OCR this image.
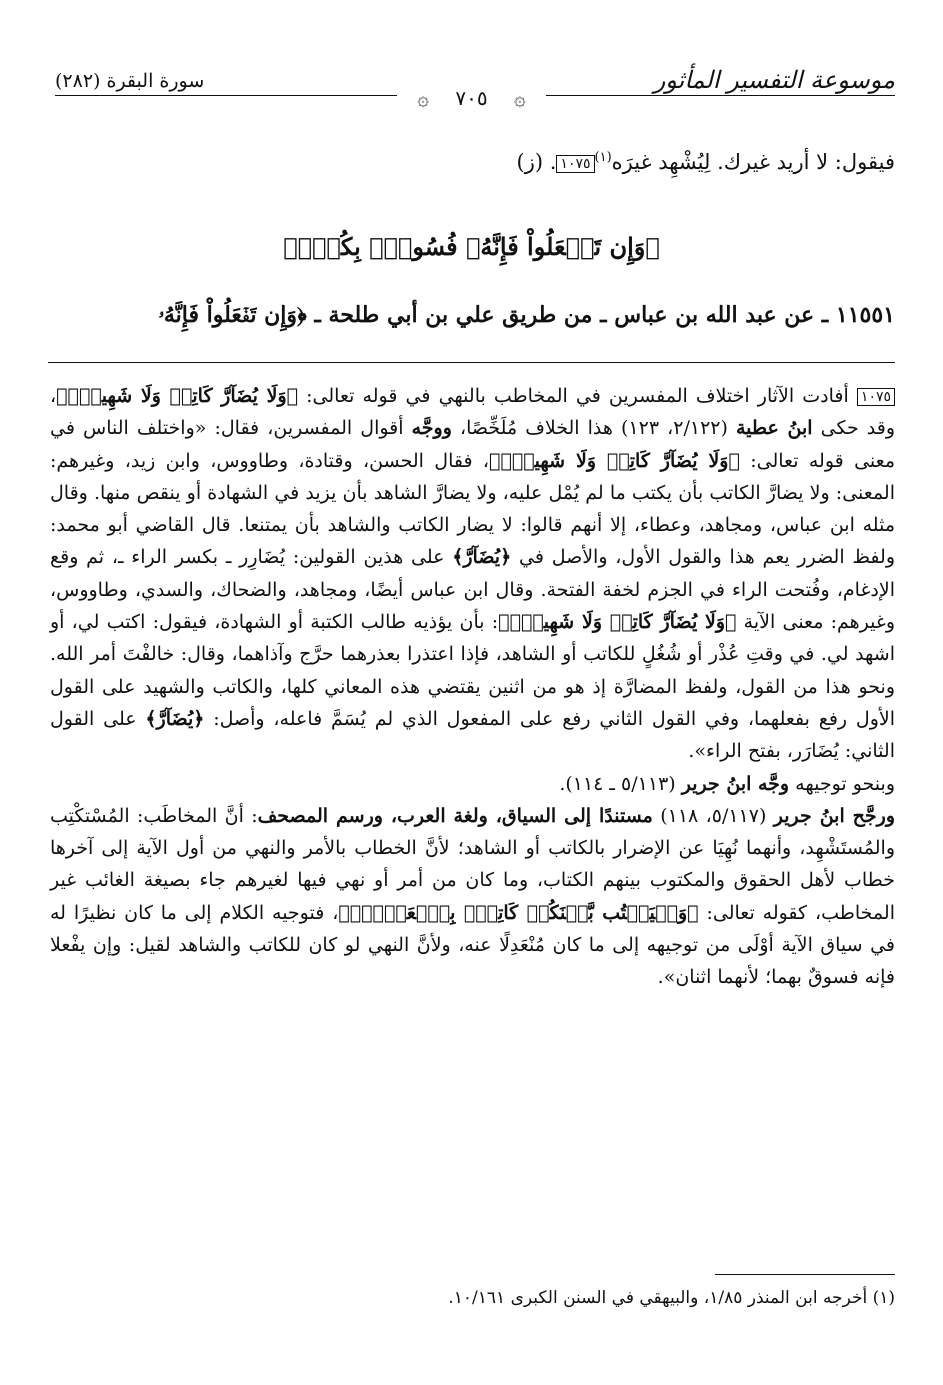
موسوعة التفسير المأثور
سورة البقرة (٢٨٢)
۞ ٧٠٥ ۞
فيقول: لا أريد غيرك. لِيُشْهِد غيرَه$^{(١)}$١٠٧٥. (ز)
﴿وَإِن تَفۡعَلُواْ فَإِنَّهُۥ فُسُوقُۢ بِكُمۡۗ﴾
١١٥٥١ ـ عن عبد الله بن عباس ـ من طريق علي بن أبي طلحة ـ ﴿وَإِن تَفۡعَلُواْ فَإِنَّهُۥ

١٠٧٥ أفادت الآثار اختلاف المفسرين في المخاطب بالنهي في قوله تعالى: ﴿وَلَا يُضَآرَّ كَاتِبٞ وَلَا شَهِيدٞۚ﴾، وقد حكى ابنُ عطية (٢/١٢٢، ١٢٣) هذا الخلاف مُلَخِّصًا، ووجَّه أقوال المفسرين، فقال: «واختلف الناس في معنى قوله تعالى: ﴿وَلَا يُضَآرَّ كَاتِبٞ وَلَا شَهِيدٞۚ﴾، فقال الحسن، وقتادة، وطاووس، وابن زيد، وغيرهم: المعنى: ولا يضارَّ الكاتب بأن يكتب ما لم يُمْل عليه، ولا يضارَّ الشاهد بأن يزيد في الشهادة أو ينقص منها. وقال مثله ابن عباس، ومجاهد، وعطاء، إلا أنهم قالوا: لا يضار الكاتب والشاهد بأن يمتنعا. قال القاضي أبو محمد: ولفظ الضرر يعم هذا والقول الأول، والأصل في ﴿يُضَآرَّ﴾ على هذين القولين: يُضَارِر ـ بكسر الراء ـ، ثم وقع الإدغام، وفُتحت الراء في الجزم لخفة الفتحة. وقال ابن عباس أيضًا، ومجاهد، والضحاك، والسدي، وطاووس، وغيرهم: معنى الآية ﴿وَلَا يُضَآرَّ كَاتِبٞ وَلَا شَهِيدٞۚ﴾: بأن يؤذيه طالب الكتبة أو الشهادة، فيقول: اكتب لي، أو اشهد لي. في وقتِ عُذْر أو شُغُلٍ للكاتب أو الشاهد، فإذا اعتذرا بعذرهما حرَّج وآذاهما، وقال: خالفْتَ أمر الله. ونحو هذا من القول، ولفظ المضارَّة إذ هو من اثنين يقتضي هذه المعاني كلها، والكاتب والشهيد على القول الأول رفع بفعلهما، وفي القول الثاني رفع على المفعول الذي لم يُسَمَّ فاعله، وأصل: ﴿يُضَآرَّ﴾ على القول الثاني: يُضَارَر، بفتح الراء».

وبنحو توجيهه وجَّه ابنُ جرير (٥/١١٣ ـ ١١٤).

ورجَّح ابنُ جرير (٥/١١٧، ١١٨) مستندًا إلى السياق، ولغة العرب، ورسم المصحف: أنَّ المخاطَب: المُسْتكْتِب والمُستَشْهِد، وأنهما نُهِيَا عن الإضرار بالكاتب أو الشاهد؛ لأنَّ الخطاب بالأمر والنهي من أول الآية إلى آخرها خطاب لأهل الحقوق والمكتوب بينهم الكتاب، وما كان من أمر أو نهي فيها لغيرهم جاء بصيغة الغائب غير المخاطب، كقوله تعالى: ﴿وَلۡيَكۡتُب بَّيۡنَكُمۡ كَاتِبُۢ بِٱلۡعَدۡلِۚ﴾، فتوجيه الكلام إلى ما كان نظيرًا له في سياق الآية أوْلَى من توجيهه إلى ما كان مُنْعَدِلًا عنه، ولأنَّ النهي لو كان للكاتب والشاهد لقيل: وإن يفْعلا فإنه فسوقٌ بهما؛ لأنهما اثنان».

(١) أخرجه ابن المنذر ١/٨٥، والبيهقي في السنن الكبرى ١٠/١٦١.
